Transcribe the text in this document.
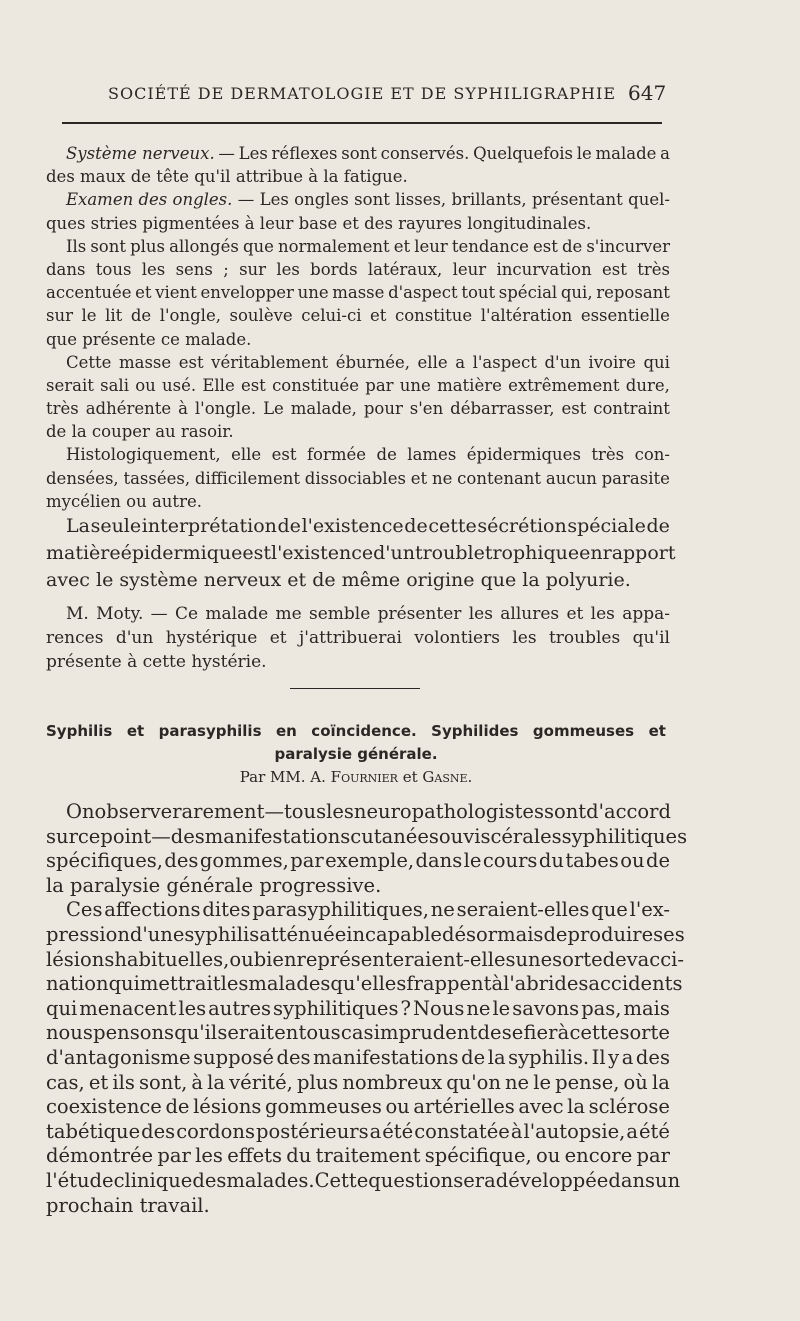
SOCIÉTÉ DE DERMATOLOGIE ET DE SYPHILIGRAPHIE 647
Système nerveux. — Les réflexes sont conservés. Quelquefois le malade a
des maux de tête qu'il attribue à la fatigue.
Examen des ongles. — Les ongles sont lisses, brillants, présentant quel-
ques stries pigmentées à leur base et des rayures longitudinales.
Ils sont plus allongés que normalement et leur tendance est de s'incurver
dans tous les sens ; sur les bords latéraux, leur incurvation est très
accentuée et vient envelopper une masse d'aspect tout spécial qui, reposant
sur le lit de l'ongle, soulève celui-ci et constitue l'altération essentielle
que présente ce malade.
Cette masse est véritablement éburnée, elle a l'aspect d'un ivoire qui
serait sali ou usé. Elle est constituée par une matière extrêmement dure,
très adhérente à l'ongle. Le malade, pour s'en débarrasser, est contraint
de la couper au rasoir.
Histologiquement, elle est formée de lames épidermiques très con-
densées, tassées, difficilement dissociables et ne contenant aucun parasite
mycélien ou autre.
La seule interprétation de l'existence de cette sécrétion spéciale de
matière épidermique est l'existence d'un trouble trophique en rapport
avec le système nerveux et de même origine que la polyurie.
M. Moty. — Ce malade me semble présenter les allures et les appa-
rences d'un hystérique et j'attribuerai volontiers les troubles qu'il
présente à cette hystérie.
Syphilis et parasyphilis en coïncidence. Syphilides gommeuses et
paralysie générale.
Par MM. A. Fournier et Gasne.
On observe rarement — tous les neuropathologistes sont d'accord
sur ce point — des manifestations cutanées ou viscérales syphilitiques
spécifiques, des gommes, par exemple, dans le cours du tabes ou de
la paralysie générale progressive.
Ces affections dites parasyphilitiques, ne seraient-elles que l'ex-
pression d'une syphilis atténuée incapable désormais de produire ses
lésions habituelles, ou bien représenteraient-elles une sorte de vacci-
nation qui mettrait les malades qu'elles frappent à l'abri des accidents
qui menacent les autres syphilitiques ? Nous ne le savons pas, mais
nous pensons qu'il serait en tous cas imprudent de se fier à cette sorte
d'antagonisme supposé des manifestations de la syphilis. Il y a des
cas, et ils sont, à la vérité, plus nombreux qu'on ne le pense, où la
coexistence de lésions gommeuses ou artérielles avec la sclérose
tabétique des cordons postérieurs a été constatée à l'autopsie, a été
démontrée par les effets du traitement spécifique, ou encore par
l'étude clinique des malades. Cette question sera développée dans un
prochain travail.
